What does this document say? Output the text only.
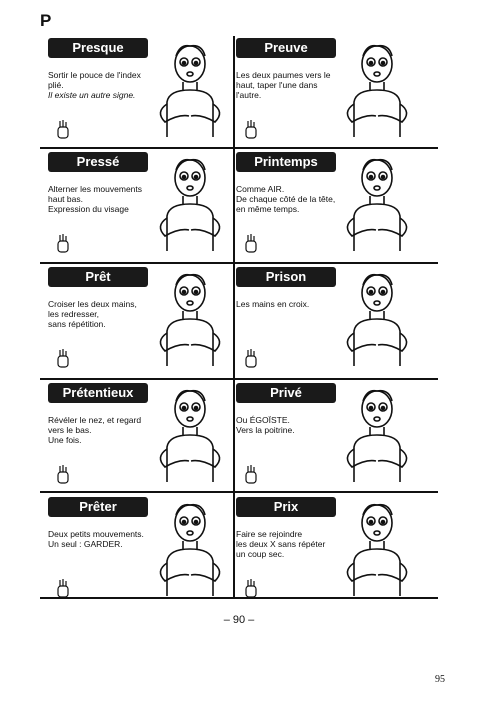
P
Presque
Sortir le pouce de l'index
plié.
Il existe un autre signe.
Preuve
Les deux paumes vers le
haut, taper l'une dans
l'autre.
Pressé
Alterner les mouvements
haut bas.
Expression du visage
Printemps
Comme AIR.
De chaque côté de la tête,
en même temps.
Prêt
Croiser les deux mains,
les redresser,
sans répétition.
Prison
Les mains en croix.
Prétentieux
Révéler le nez, et regard
vers le bas.
Une fois.
Privé
Ou ÉGOÏSTE.
Vers la poitrine.
Prêter
Deux petits mouvements.
Un seul : GARDER.
Prix
Faire se rejoindre
les deux X sans répéter
un coup sec.
– 90 –
95
